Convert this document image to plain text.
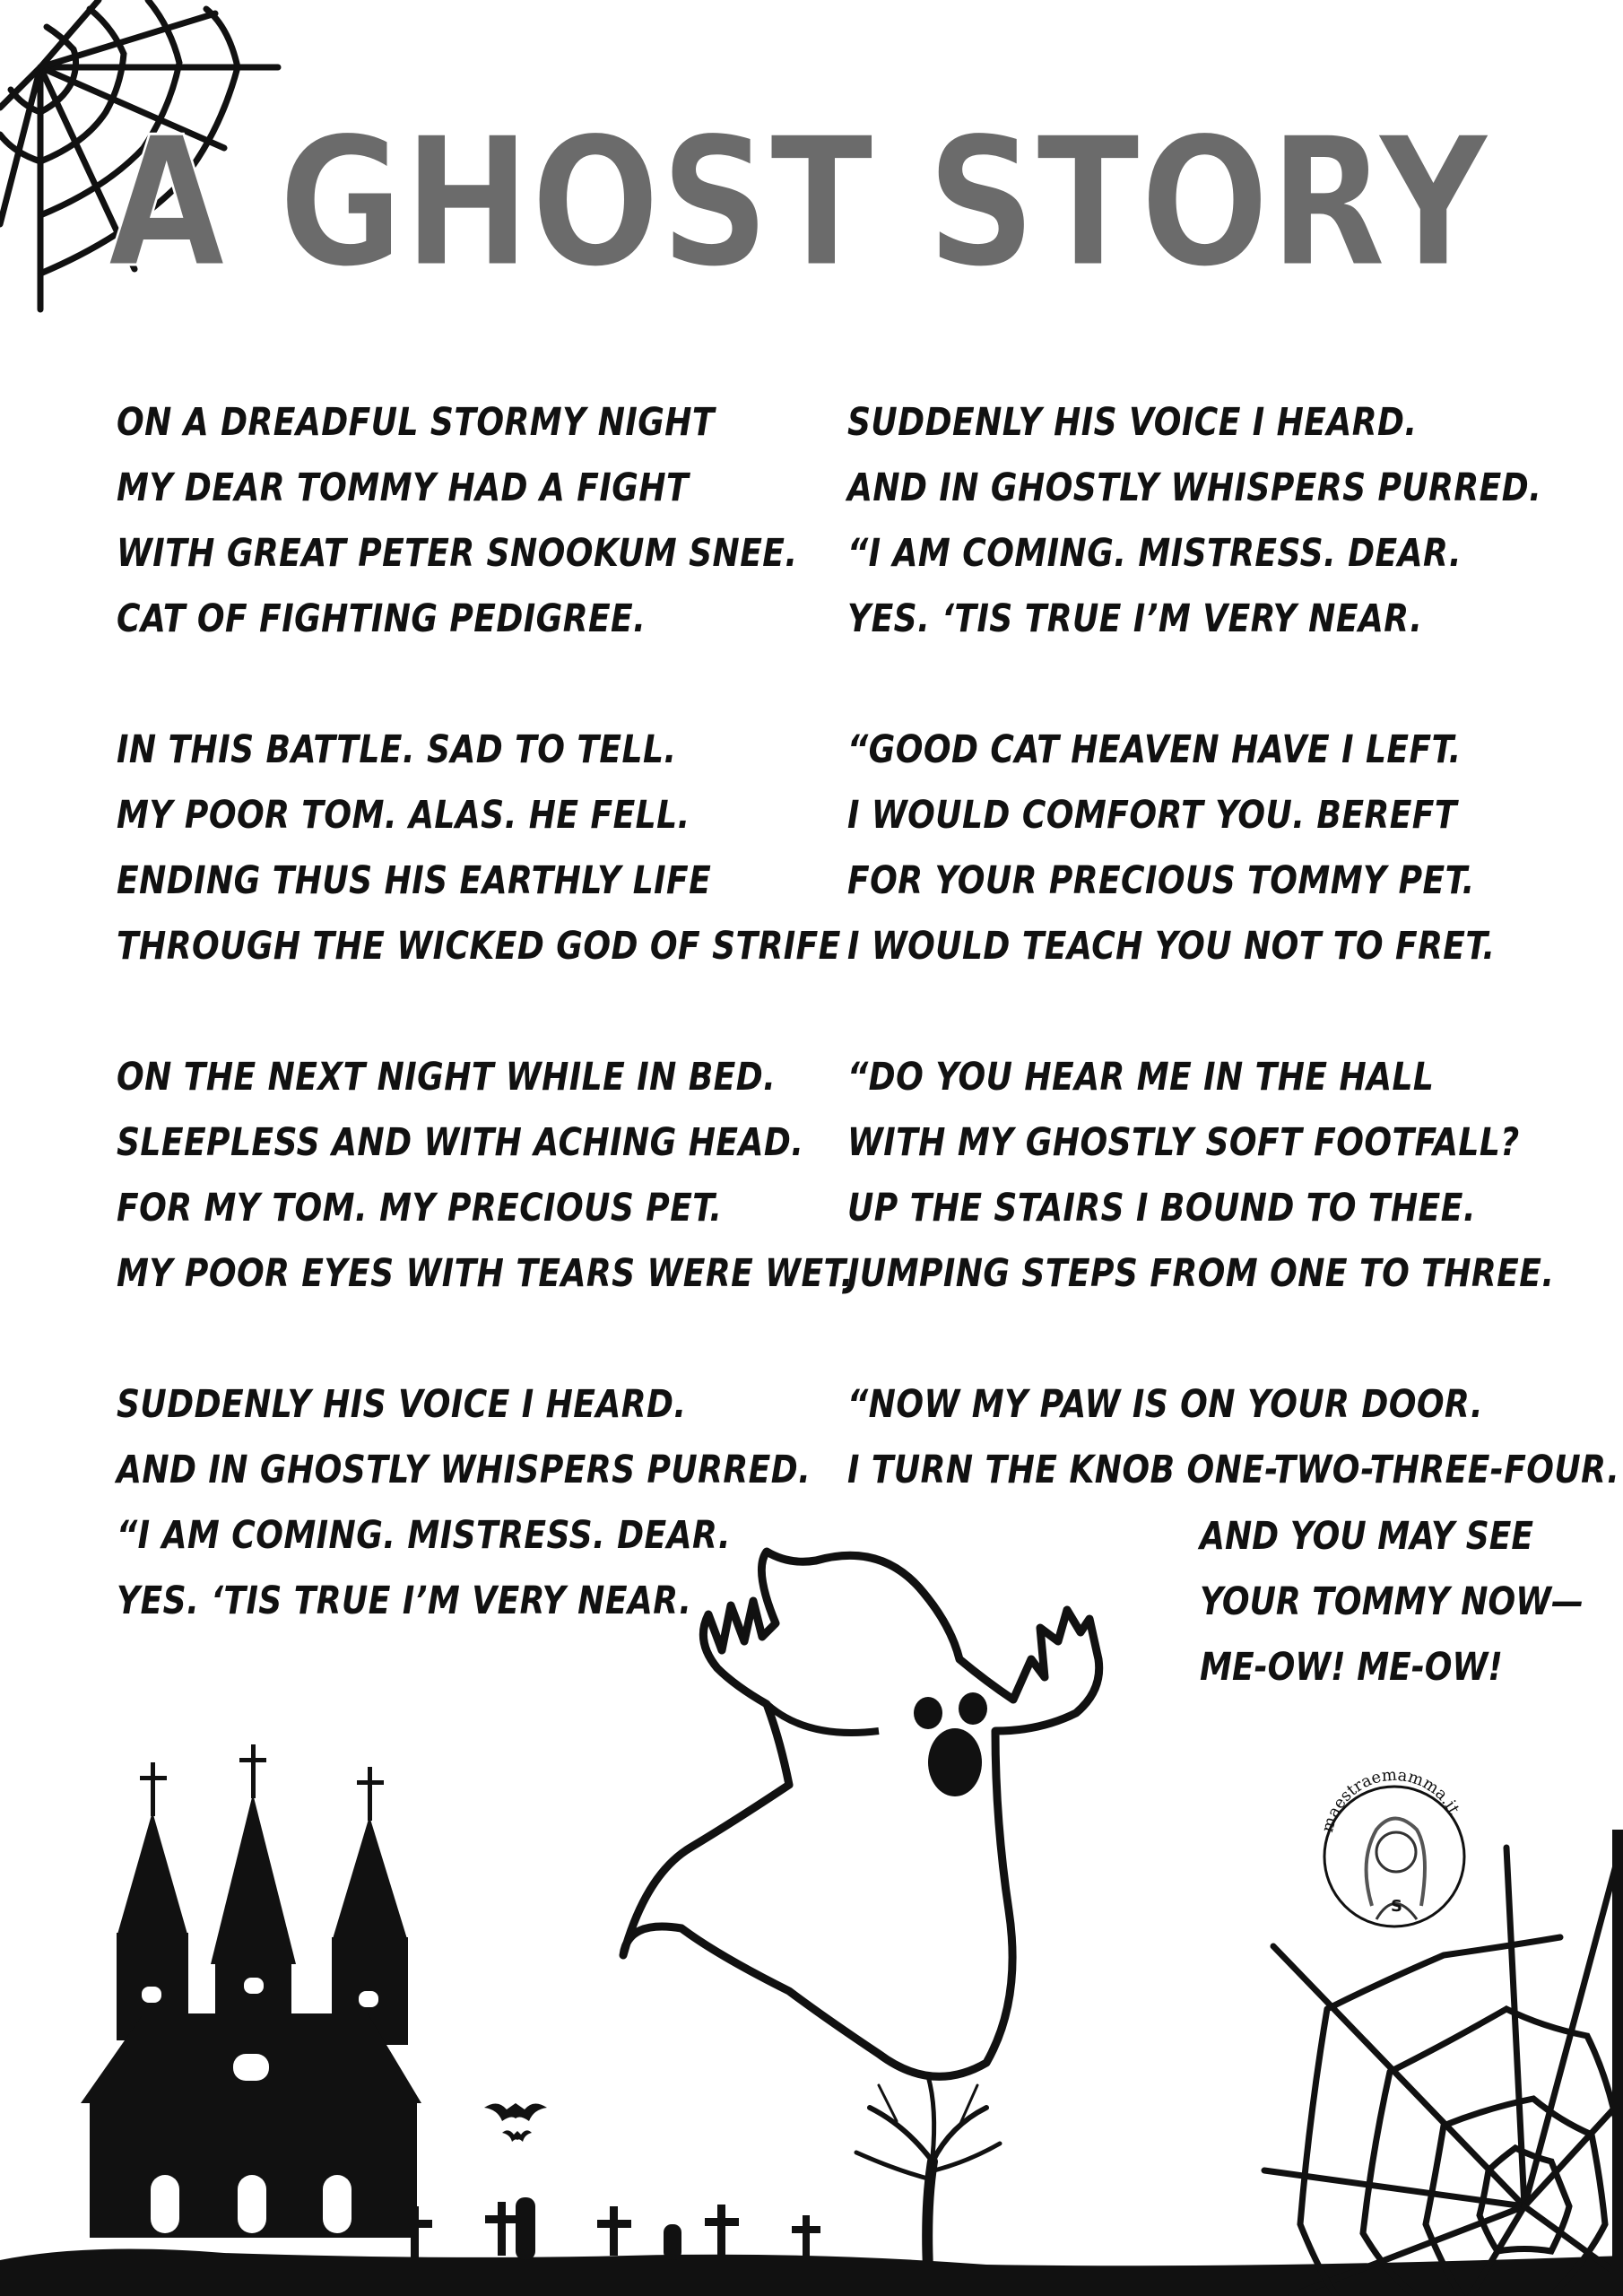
A GHOST STORY
ON A DREADFUL STORMY NIGHT
MY DEAR TOMMY HAD A FIGHT
WITH GREAT PETER SNOOKUM SNEE.
CAT OF FIGHTING PEDIGREE.
IN THIS BATTLE. SAD TO TELL.
MY POOR TOM. ALAS. HE FELL.
ENDING THUS HIS EARTHLY LIFE
THROUGH THE WICKED GOD OF STRIFE
ON THE NEXT NIGHT WHILE IN BED.
SLEEPLESS AND WITH ACHING HEAD.
FOR MY TOM. MY PRECIOUS PET.
MY POOR EYES WITH TEARS WERE WET.
SUDDENLY HIS VOICE I HEARD.
AND IN GHOSTLY WHISPERS PURRED.
“I AM COMING. MISTRESS. DEAR.
YES. ‘TIS TRUE I’M VERY NEAR.
SUDDENLY HIS VOICE I HEARD.
AND IN GHOSTLY WHISPERS PURRED.
“I AM COMING. MISTRESS. DEAR.
YES. ‘TIS TRUE I’M VERY NEAR.
“GOOD CAT HEAVEN HAVE I LEFT.
I WOULD COMFORT YOU. BEREFT
FOR YOUR PRECIOUS TOMMY PET.
I WOULD TEACH YOU NOT TO FRET.
“DO YOU HEAR ME IN THE HALL
WITH MY GHOSTLY SOFT FOOTFALL?
UP THE STAIRS I BOUND TO THEE.
JUMPING STEPS FROM ONE TO THREE.
“NOW MY PAW IS ON YOUR DOOR.
I TURN THE KNOB ONE-TWO-THREE-FOUR.
AND YOU MAY SEE
YOUR TOMMY NOW—
ME-OW! ME-OW!
maestraemamma.it
S
